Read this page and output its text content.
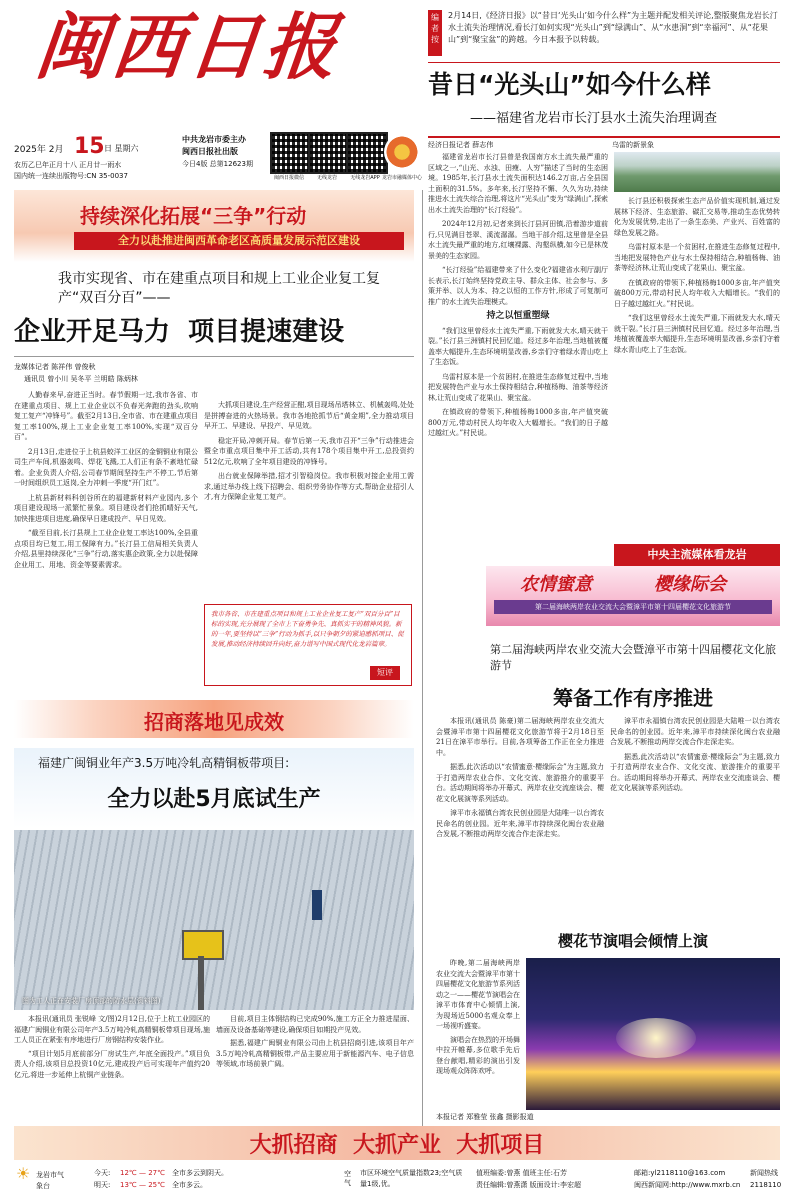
闽西日报
2025年 2月 15 日 星期六
农历乙巳年正月十八 正月廿一雨水
国内统一连续出版物号:CN 35-0037
中共龙岩市委主办
闽西日报社出版
今日4版 总第12623期
闽西日报微信	无线龙岩	无线龙岩APP 龙岩市融媒体中心
编者按
2月14日,《经济日报》以“昔日‘光头山’如今什么样”为主题并配发相关评论,整版聚焦龙岩长汀水土流失治理情况,看长汀如何实现“光头山”到“绿满山”、从“水患洞”到“幸福河”、从“花果山”到“聚宝盆”的跨越。今日本报予以转载。
昔日“光头山”如今什么样
——福建省龙岩市长汀县水土流失治理调查
经济日报记者 薛志伟	乌雷的新景象

福建省龙岩市长汀县曾是我国南方水土流失最严重的区域之一,“山光、水浊、田瘦、人穷”描述了当时的生态困境。1985年,长汀县水土流失面积达146.2万亩,占全县国土面积的31.5%。多年来,长汀坚持不懈、久久为功,持续推进水土流失综合治理,将这片“光头山”变为“绿满山”,探索出水土流失治理的“长汀经验”。

2024年12月初,记者来到长汀县河田镇,沿着游步道前行,只见满目苍翠、溪流潺潺。当地干部介绍,这里曾是全县水土流失最严重的地方,红壤裸露、沟壑纵横,如今已是林茂景美的生态家园。

“长汀经验”给福建带来了什么变化?福建省水利厅副厅长表示,长汀始终坚持党政主导、群众主体、社会参与、多策并举、以人为本、持之以恒的工作方针,形成了可复制可推广的水土流失治理模式。

持之以恒重塑绿

“我们这里曾经水土流失严重,下雨就发大水,晴天就干裂。”长汀县三洲镇村民回忆道。经过多年治理,当地植被覆盖率大幅提升,生态环境明显改善,乡亲们守着绿水青山吃上了生态饭。

乌雷村原本是一个贫困村,在推进生态修复过程中,当地把发展特色产业与水土保持相结合,种植杨梅、油茶等经济林,让荒山变成了花果山、聚宝盆。

在镇政府的带领下,种植杨梅1000多亩,年产值突破800万元,带动村民人均年收入大幅增长。“我们的日子越过越红火。”村民说。

长汀县还积极探索生态产品价值实现机制,通过发展林下经济、生态旅游、碳汇交易等,推动生态优势转化为发展优势,走出了一条生态美、产业兴、百姓富的绿色发展之路。

乌雷村原本是一个贫困村,在推进生态修复过程中,当地把发展特色产业与水土保持相结合,种植杨梅、油茶等经济林,让荒山变成了花果山、聚宝盆。

在镇政府的带领下,种植杨梅1000多亩,年产值突破800万元,带动村民人均年收入大幅增长。“我们的日子越过越红火。”村民说。

“我们这里曾经水土流失严重,下雨就发大水,晴天就干裂。”长汀县三洲镇村民回忆道。经过多年治理,当地植被覆盖率大幅提升,生态环境明显改善,乡亲们守着绿水青山吃上了生态饭。

中央主流媒体看龙岩
持续深化拓展“三争”行动
全力以赴推进闽西革命老区高质量发展示范区建设
我市实现省、市在建重点项目和规上工业企业复工复产“双百分百”——
企业开足马力  项目提速建设
龙媒体记者 陈祥伟 曾俊秋
通讯员 曾小川 吴冬平 兰明皓 陈炳林

人勤春来早,奋进正当时。春节假期一过,我市各省、市在建重点项目、规上工业企业以不负春光奔跑的劲头,吹响复工复产“冲锋号”。截至2月13日,全市省、市在建重点项目复工率100%,规上工业企业复工率100%,实现“双百分百”。

2月13日,走进位于上杭县蛟洋工业区的金铜铜业有限公司生产车间,机器轰鸣、焊花飞溅,工人们正有条不紊地忙碌着。企业负责人介绍,公司春节期间坚持生产不停工,节后第一时间组织员工返岗,全力冲刺一季度“开门红”。

上杭县新材料科创谷所在的福建新材料产业园内,多个项目建设现场一派繁忙景象。项目建设者们抢抓晴好天气,加快推进项目进度,确保早日建成投产、早日见效。

“截至目前,长汀县规上工业企业复工率达100%,全县重点项目均已复工,用工保障有力。”长汀县工信局相关负责人介绍,县里持续深化“三争”行动,落实惠企政策,全力以赴保障企业用工、用地、资金等要素需求。

大抓项目建设,生产经营正酣,项目现场吊塔林立、机械轰鸣,处处是拼搏奋进的火热场景。我市各地抢抓节后“黄金期”,全力推动项目早开工、早建设、早投产、早见效。

稳定开局,冲刺开局。春节后第一天,我市召开“三争”行动推进会暨全市重点项目集中开工活动,共有178个项目集中开工,总投资约512亿元,吹响了全年项目建设的冲锋号。

出台就业保障举措,招才引智稳岗位。我市积极对接企业用工需求,通过举办线上线下招聘会、组织劳务协作等方式,帮助企业招引人才,有力保障企业复工复产。

我市各省、市在建重点项目和规上工业企业复工复产“双百分百”目标的实现,充分展现了全市上下奋勇争先、真抓实干的精神风貌。新的一年,要坚持以“三争”行动为抓手,以只争朝夕的紧迫感抓项目、促发展,推动经济持续回升向好,奋力谱写中国式现代化龙岩篇章。
短评
招商落地见成效
福建广闽铜业年产3.5万吨冷轧高精铜板带项目:
全力以赴5月底试生产
图为工人正在安装厂房顶部的防水层(资料图)

本报讯(通讯员 张锐峰 文/图)2月12日,位于上杭工业园区的福建广闽铜业有限公司年产3.5万吨冷轧高精铜板带项目现场,施工人员正在紧张有序地进行厂房钢结构安装作业。

“项目计划5月底前部分厂房试生产,年底全面投产。”项目负责人介绍,该项目总投资10亿元,建成投产后可实现年产值约20亿元,将进一步延伸上杭铜产业链条。

目前,项目主体钢结构已完成90%,施工方正全力推进屋面、墙面及设备基础等建设,确保项目如期投产见效。

据悉,福建广闽铜业有限公司由上杭县招商引进,该项目年产3.5万吨冷轧高精铜板带,产品主要应用于新能源汽车、电子信息等领域,市场前景广阔。

农情蜜意	樱缘际会
第二届海峡两岸农业交流大会暨漳平市第十四届樱花文化旅游节
第二届海峡两岸农业交流大会暨漳平市第十四届樱花文化旅游节
筹备工作有序推进

本报讯(通讯员 陈豪)第二届海峡两岸农业交流大会暨漳平市第十四届樱花文化旅游节将于2月18日至21日在漳平市举行。目前,各项筹备工作正在全力推进中。

据悉,此次活动以“农情蜜意·樱缘际会”为主题,致力于打造两岸农业合作、文化交流、旅游推介的重要平台。活动期间将举办开幕式、两岸农业交流座谈会、樱花文化展演等系列活动。

漳平市永福镇台湾农民创业园是大陆唯一以台湾农民命名的创业园。近年来,漳平市持续深化闽台农业融合发展,不断推动两岸交流合作走深走实。

漳平市永福镇台湾农民创业园是大陆唯一以台湾农民命名的创业园。近年来,漳平市持续深化闽台农业融合发展,不断推动两岸交流合作走深走实。

据悉,此次活动以“农情蜜意·樱缘际会”为主题,致力于打造两岸农业合作、文化交流、旅游推介的重要平台。活动期间将举办开幕式、两岸农业交流座谈会、樱花文化展演等系列活动。

樱花节演唱会倾情上演

昨晚,第二届海峡两岸农业交流大会暨漳平市第十四届樱花文化旅游节系列活动之一——樱花节演唱会在漳平市体育中心倾情上演,为现场近5000名观众奉上一场视听盛宴。

演唱会在热烈的开场舞中拉开帷幕,多位歌手先后登台献唱,精彩的演出引发现场观众阵阵欢呼。

本报记者 郑雅莹 张鑫 摄影报道
大抓招商  大抓产业  大抓项目
☀ 龙岩市气象台
今天: 12℃ — 27℃ 全市多云到阴天。
明天: 13℃ — 25℃ 全市多云。
空气
市区环境空气质量指数23;空气质量1级,优。
值班编委:曾燕 值班主任:石芳
责任编辑:曾燕潇 版面设计:李宏超
邮箱:yl2118110@163.com
闽西新闻网:http://www.mxrb.cn
新闻热线
2118110
